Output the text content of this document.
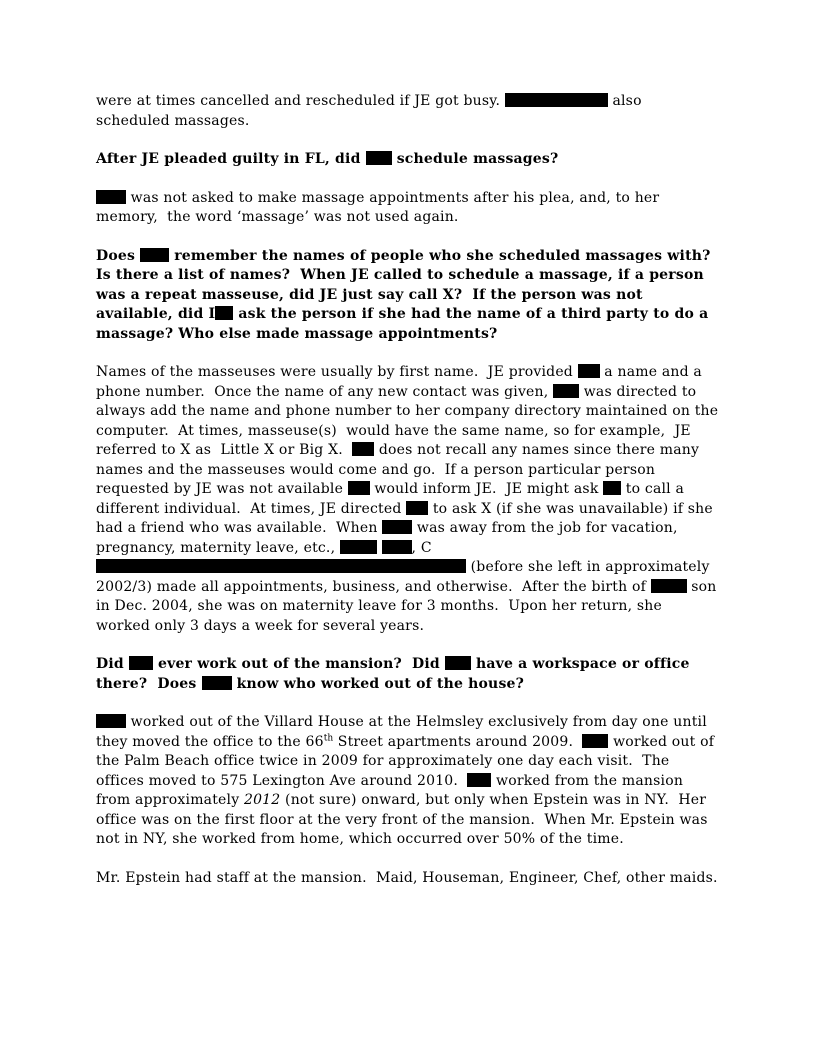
were at times cancelled and rescheduled if JE got busy.	also scheduled massages.

After JE pleaded guilty in FL, did  schedule massages?

was not asked to make massage appointments after his plea, and, to her memory,  the word ‘massage’ was not used again.

Does  remember the names of people who she scheduled massages with?  Is there a list of names?  When JE called to schedule a massage, if a person was a repeat masseuse, did JE just say call X?  If the person was not available, did I ask the person if she had the name of a third party to do a massage? Who else made massage appointments?

Names of the masseuses were usually by first name.  JE provided  a name and a phone number.  Once the name of any new contact was given,  was directed to always add the name and phone number to her company directory maintained on the computer.  At times, masseuse(s)  would have the same name, so for example,  JE referred to X as  Little X or Big X.   does not recall any names since there many names and the masseuses would come and go.  If a person particular person requested by JE was not available  would inform JE.  JE might ask  to call a different individual.  At times, JE directed  to ask X (if she was unavailable) if she had a friend who was available.  When  was away from the job for vacation, pregnancy, maternity leave, etc.,	, C (before she left in approximately 2002/3) made all appointments, business, and otherwise.  After the birth of	son in Dec. 2004, she was on maternity leave for 3 months.  Upon her return, she worked only 3 days a week for several years.

Did  ever work out of the mansion?  Did  have a workspace or office there?  Does  know who worked out of the house?

worked out of the Villard House at the Helmsley exclusively from day one until they moved the office to the 66th Street apartments around 2009.   worked out of the Palm Beach office twice in 2009 for approximately one day each visit.  The offices moved to 575 Lexington Ave around 2010.   worked from the mansion from approximately 2012 (not sure) onward, but only when Epstein was in NY.  Her office was on the first floor at the very front of the mansion.  When Mr. Epstein was not in NY, she worked from home, which occurred over 50% of the time.

Mr. Epstein had staff at the mansion.  Maid, Houseman, Engineer, Chef, other maids.
